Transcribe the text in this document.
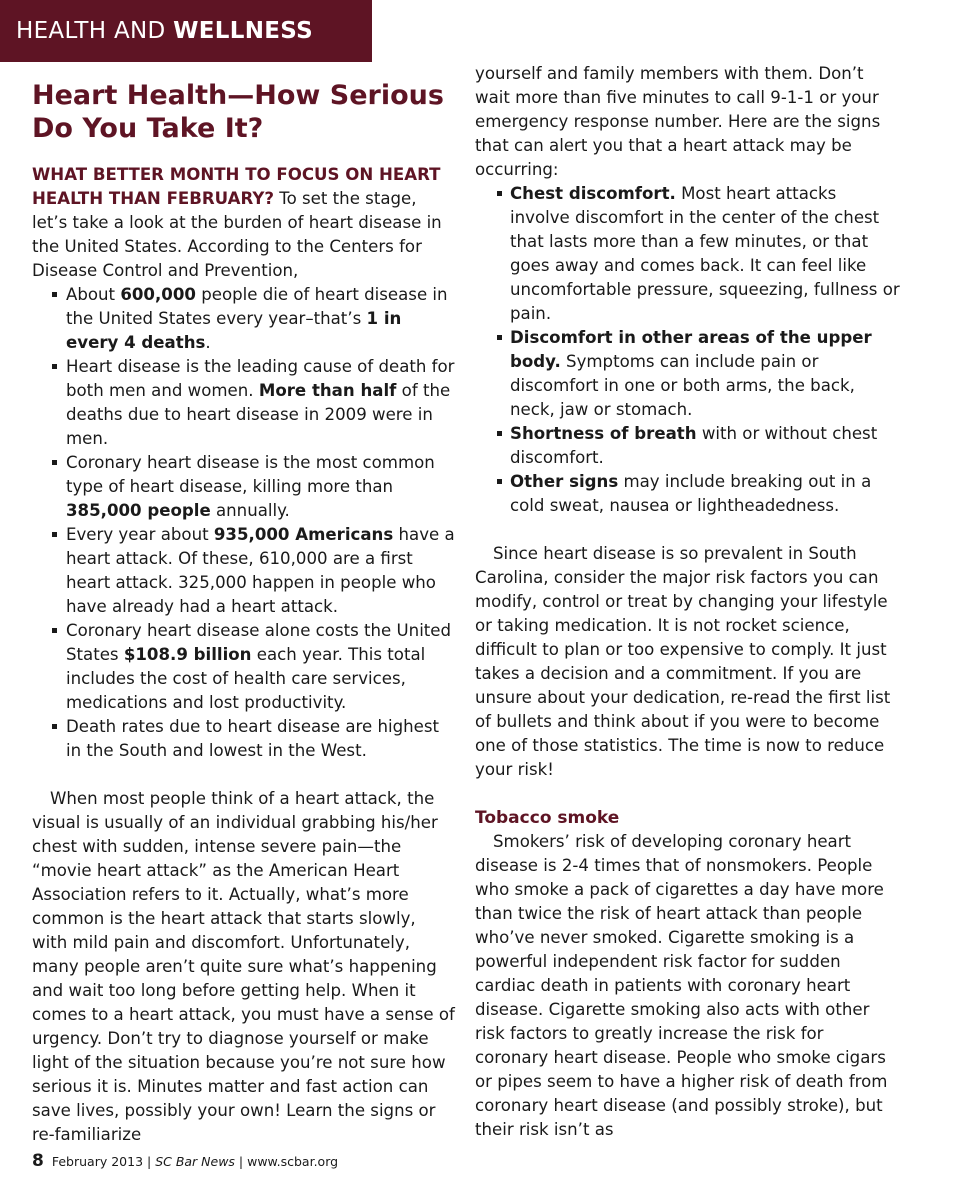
HEALTH AND WELLNESS
Heart Health—How Serious Do You Take It?

WHAT BETTER MONTH TO FOCUS ON HEART HEALTH THAN FEBRUARY? To set the stage, let’s take a look at the burden of heart disease in the United States. According to the Centers for Disease Control and Prevention,

About 600,000 people die of heart disease in the United States every year–that’s 1 in every 4 deaths.
Heart disease is the leading cause of death for both men and women. More than half of the deaths due to heart disease in 2009 were in men.
Coronary heart disease is the most common type of heart disease, killing more than 385,000 people annually.
Every year about 935,000 Americans have a heart attack. Of these, 610,000 are a first heart attack. 325,000 happen in people who have already had a heart attack.
Coronary heart disease alone costs the United States $108.9 billion each year. This total includes the cost of health care services, medications and lost productivity.
Death rates due to heart disease are highest in the South and lowest in the West.

When most people think of a heart attack, the visual is usually of an individual grabbing his/her chest with sudden, intense severe pain—the “movie heart attack” as the American Heart Association refers to it. Actually, what’s more common is the heart attack that starts slowly, with mild pain and discomfort. Unfortunately, many people aren’t quite sure what’s happening and wait too long before getting help. When it comes to a heart attack, you must have a sense of urgency. Don’t try to diagnose yourself or make light of the situation because you’re not sure how serious it is. Minutes matter and fast action can save lives, possibly your own! Learn the signs or re-familiarize

yourself and family members with them. Don’t wait more than five minutes to call 9-1-1 or your emergency response number. Here are the signs that can alert you that a heart attack may be occurring:

Chest discomfort. Most heart attacks involve discomfort in the center of the chest that lasts more than a few minutes, or that goes away and comes back. It can feel like uncomfortable pressure, squeezing, fullness or pain.
Discomfort in other areas of the upper body. Symptoms can include pain or discomfort in one or both arms, the back, neck, jaw or stomach.
Shortness of breath with or without chest discomfort.
Other signs may include breaking out in a cold sweat, nausea or lightheadedness.

Since heart disease is so prevalent in South Carolina, consider the major risk factors you can modify, control or treat by changing your lifestyle or taking medication. It is not rocket science, difficult to plan or too expensive to comply. It just takes a decision and a commitment. If you are unsure about your dedication, re-read the first list of bullets and think about if you were to become one of those statistics. The time is now to reduce your risk!

Tobacco smoke

Smokers’ risk of developing coronary heart disease is 2-4 times that of nonsmokers. People who smoke a pack of cigarettes a day have more than twice the risk of heart attack than people who’ve never smoked. Cigarette smoking is a powerful independent risk factor for sudden cardiac death in patients with coronary heart disease. Cigarette smoking also acts with other risk factors to greatly increase the risk for coronary heart disease. People who smoke cigars or pipes seem to have a higher risk of death from coronary heart disease (and possibly stroke), but their risk isn’t as

8 February 2013 | SC Bar News | www.scbar.org
